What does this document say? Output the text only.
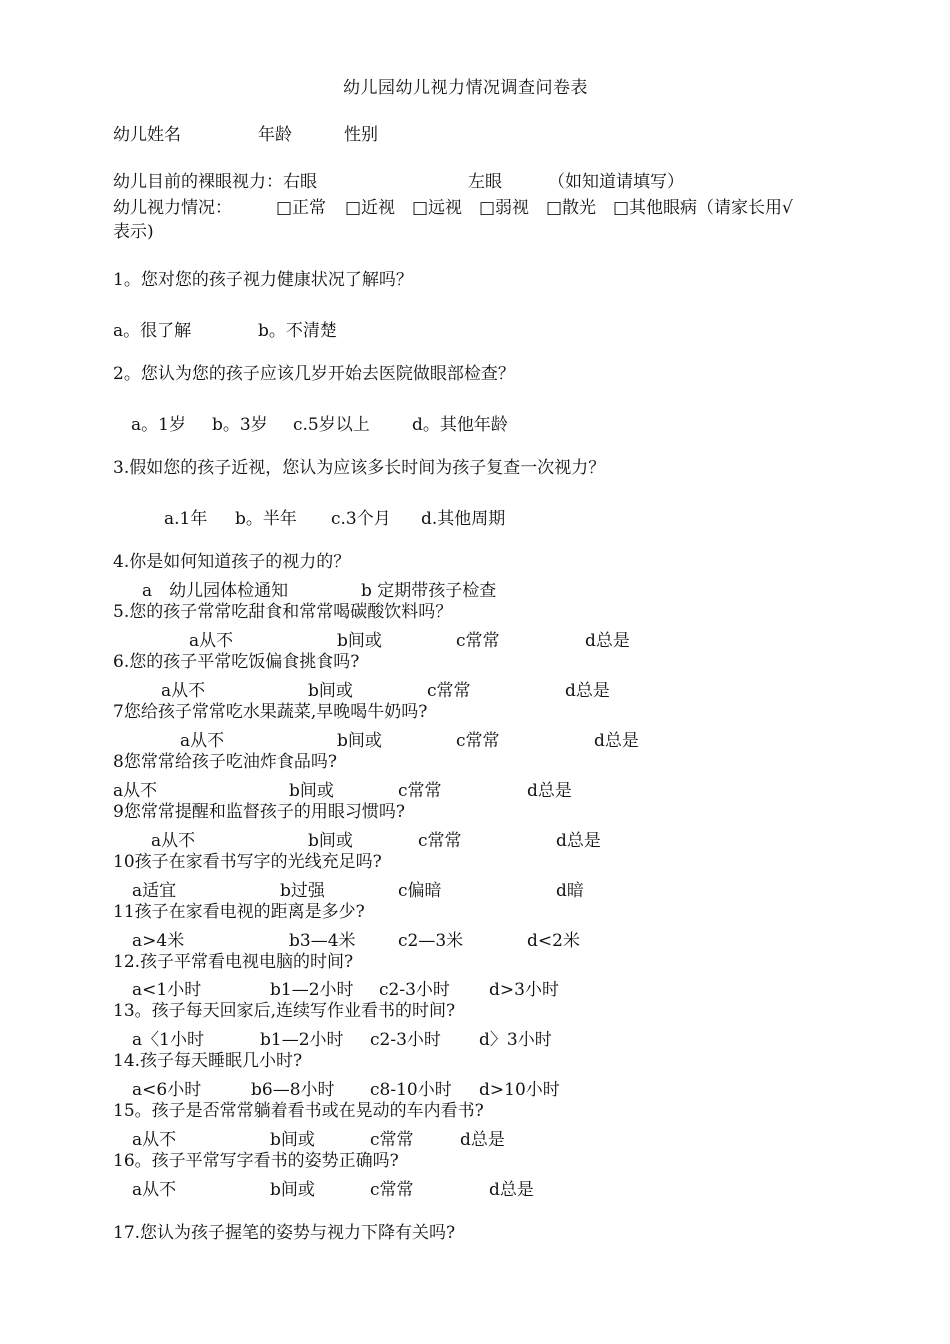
幼儿园幼儿视力情况调查问卷表
幼儿姓名	年龄	性别
幼儿目前的裸眼视力：右眼	左眼	（如知道请填写）
幼儿视力情况：	□正常 □近视 □远视 □弱视 □散光 □其他眼病（请家长用√
表示)
1。您对您的孩子视力健康状况了解吗？
a。很了解	b。不清楚
2。您认为您的孩子应该几岁开始去医院做眼部检查？
a。1岁 b。3岁 c.5岁以上 d。其他年龄
3.假如您的孩子近视，您认为应该多长时间为孩子复查一次视力？
a.1年 b。半年 c.3个月 d.其他周期
4.你是如何知道孩子的视力的？
a　幼儿园体检通知	b 定期带孩子检查
5.您的孩子常常吃甜食和常常喝碳酸饮料吗？
a从不	b间或	c常常	d总是
6.您的孩子平常吃饭偏食挑食吗?
a从不	b间或	c常常	d总是
7您给孩子常常吃水果蔬菜,早晚喝牛奶吗?
a从不	b间或	c常常	d总是
8您常常给孩子吃油炸食品吗?
a从不	b间或	c常常	d总是
9您常常提醒和监督孩子的用眼习惯吗?
a从不	b间或	c常常	d总是
10孩子在家看书写字的光线充足吗?
a适宜	b过强	c偏暗	d暗
11孩子在家看电视的距离是多少?
a>4米	b3—4米 c2—3米	d<2米
12.孩子平常看电视电脑的时间?
a<1小时	b1—2小时 c2-3小时 d>3小时
13。孩子每天回家后,连续写作业看书的时间?
a〈1小时	b1—2小时 c2-3小时 d〉3小时
14.孩子每天睡眠几小时?
a<6小时	b6—8小时 c8-10小时 d>10小时
15。孩子是否常常躺着看书或在晃动的车内看书?
a从不	b间或	c常常	d总是
16。孩子平常写字看书的姿势正确吗?
a从不	b间或	c常常	d总是
17.您认为孩子握笔的姿势与视力下降有关吗?
